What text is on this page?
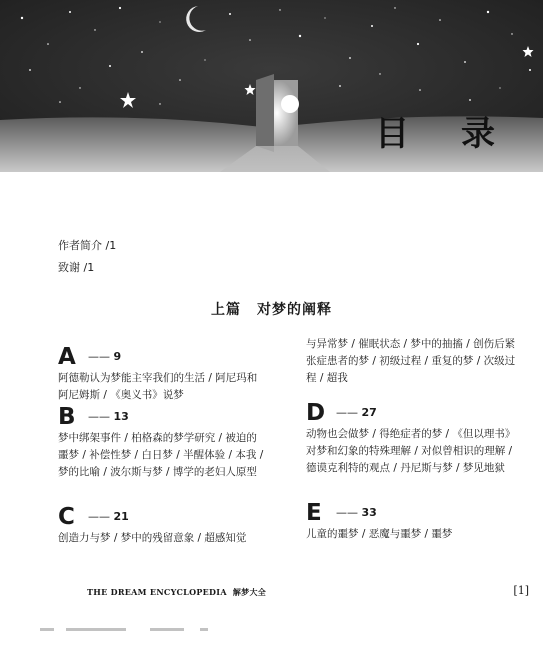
目 录
作者简介 /1
致谢 /1
上篇 对梦的阐释
A	—— 9
阿德勒认为梦能主宰我们的生活 / 阿尼玛和阿尼姆斯 / 《奥义书》说梦
B	—— 13
梦中绑架事件 / 柏格森的梦学研究 / 被迫的噩梦 / 补偿性梦 / 白日梦 / 半醒体验 / 本我 / 梦的比喻 / 波尔斯与梦 / 博学的老妇人原型
C	—— 21
创造力与梦 / 梦中的残留意象 / 超感知觉
与异常梦 / 催眠状态 / 梦中的抽搐 / 创伤后紧张症患者的梦 / 初级过程 / 重复的梦 / 次级过程 / 超我
D	—— 27
动物也会做梦 / 得绝症者的梦 / 《但以理书》对梦和幻象的特殊理解 / 对似曾相识的理解 / 德谟克利特的观点 / 丹尼斯与梦 / 梦见地狱
E	—— 33
儿童的噩梦 / 恶魔与噩梦 / 噩梦
THE DREAM ENCYCLOPEDIA 解梦大全	[1]
